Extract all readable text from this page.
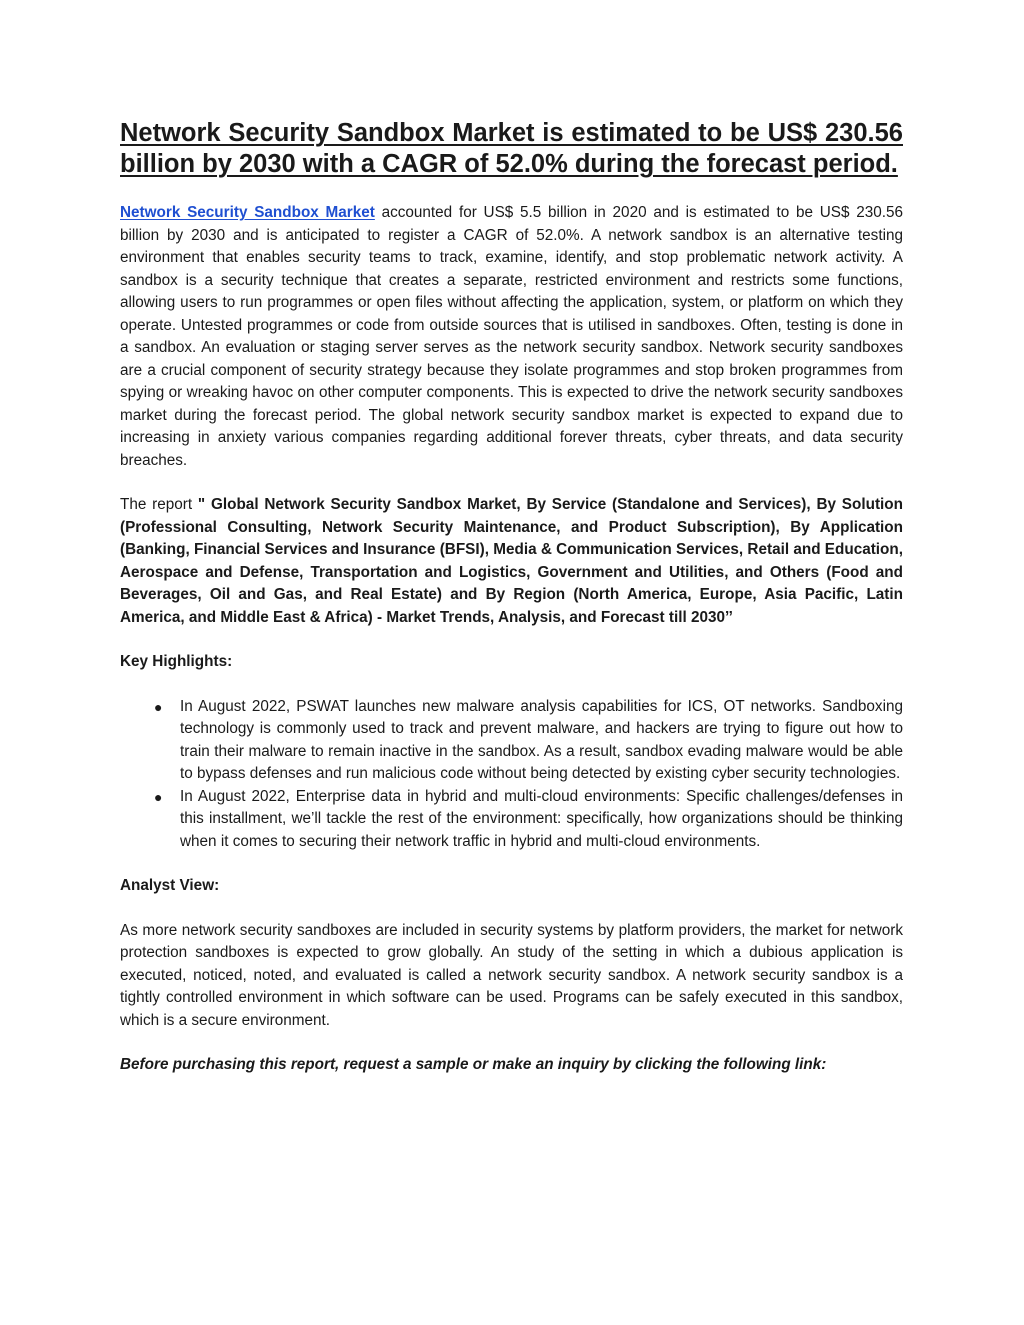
Network Security Sandbox Market is estimated to be US$ 230.56 billion by 2030 with a CAGR of 52.0% during the forecast period.

Network Security Sandbox Market accounted for US$ 5.5 billion in 2020 and is estimated to be US$ 230.56 billion by 2030 and is anticipated to register a CAGR of 52.0%. A network sandbox is an alternative testing environment that enables security teams to track, examine, identify, and stop problematic network activity. A sandbox is a security technique that creates a separate, restricted environment and restricts some functions, allowing users to run programmes or open files without affecting the application, system, or platform on which they operate. Untested programmes or code from outside sources that is utilised in sandboxes. Often, testing is done in a sandbox. An evaluation or staging server serves as the network security sandbox. Network security sandboxes are a crucial component of security strategy because they isolate programmes and stop broken programmes from spying or wreaking havoc on other computer components. This is expected to drive the network security sandboxes market during the forecast period. The global network security sandbox market is expected to expand due to increasing in anxiety various companies regarding additional forever threats, cyber threats, and data security breaches.

The report " Global Network Security Sandbox Market, By Service (Standalone and Services), By Solution (Professional Consulting, Network Security Maintenance, and Product Subscription), By Application (Banking, Financial Services and Insurance (BFSI), Media & Communication Services, Retail and Education, Aerospace and Defense, Transportation and Logistics, Government and Utilities, and Others (Food and Beverages, Oil and Gas, and Real Estate) and By Region (North America, Europe, Asia Pacific, Latin America, and Middle East & Africa) - Market Trends, Analysis, and Forecast till 2030’’

Key Highlights:
● In August 2022, PSWAT launches new malware analysis capabilities for ICS, OT networks. Sandboxing technology is commonly used to track and prevent malware, and hackers are trying to figure out how to train their malware to remain inactive in the sandbox. As a result, sandbox evading malware would be able to bypass defenses and run malicious code without being detected by existing cyber security technologies.
● In August 2022, Enterprise data in hybrid and multi-cloud environments: Specific challenges/defenses in this installment, we’ll tackle the rest of the environment: specifically, how organizations should be thinking when it comes to securing their network traffic in hybrid and multi-cloud environments.
Analyst View:

As more network security sandboxes are included in security systems by platform providers, the market for network protection sandboxes is expected to grow globally. An study of the setting in which a dubious application is executed, noticed, noted, and evaluated is called a network security sandbox. A network security sandbox is a tightly controlled environment in which software can be used. Programs can be safely executed in this sandbox, which is a secure environment.

Before purchasing this report, request a sample or make an inquiry by clicking the following link:
